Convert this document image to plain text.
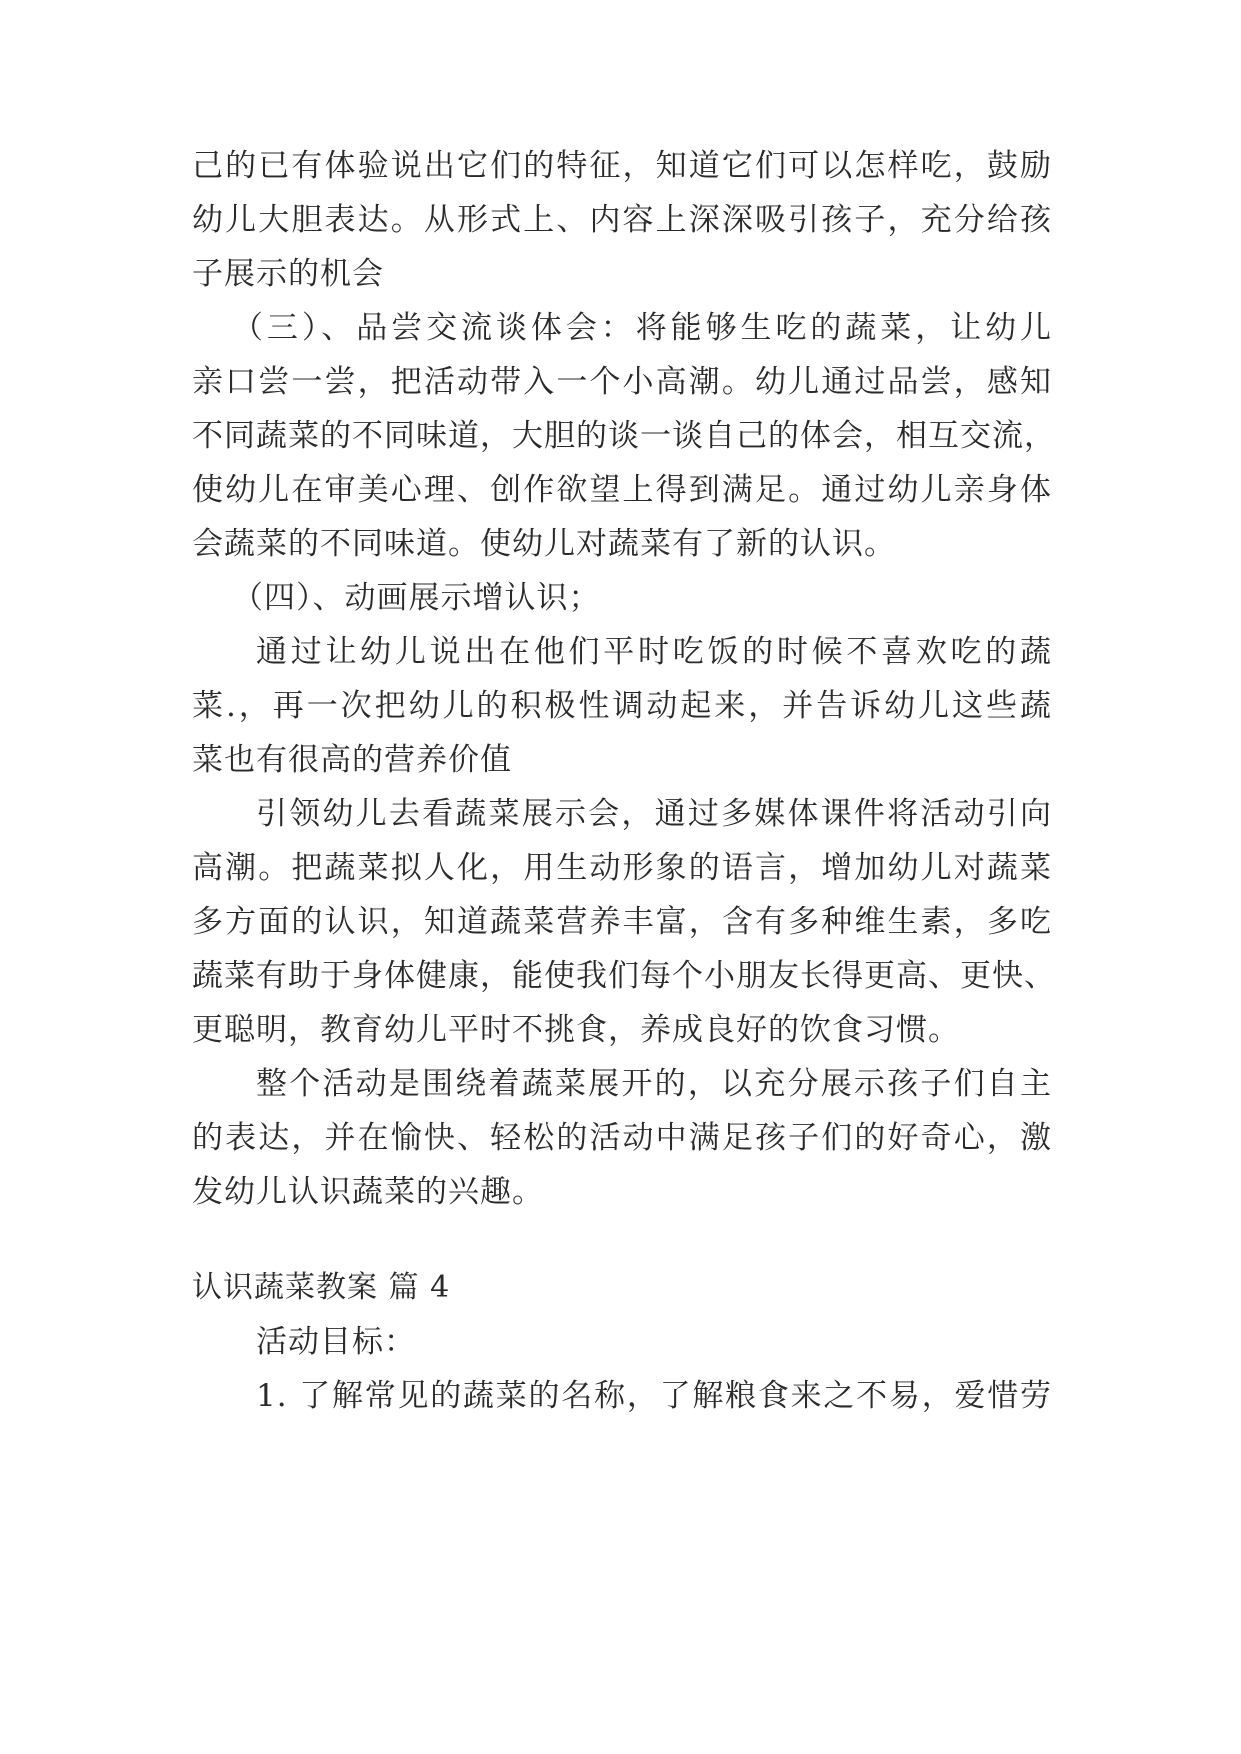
己的已有体验说出它们的特征，知道它们可以怎样吃，鼓励
幼儿大胆表达。从形式上、内容上深深吸引孩子，充分给孩
子展示的机会
（三）、品尝交流谈体会：将能够生吃的蔬菜，让幼儿
亲口尝一尝，把活动带入一个小高潮。幼儿通过品尝，感知
不同蔬菜的不同味道，大胆的谈一谈自己的体会，相互交流，
使幼儿在审美心理、创作欲望上得到满足。通过幼儿亲身体
会蔬菜的不同味道。使幼儿对蔬菜有了新的认识。
（四）、动画展示增认识；
通过让幼儿说出在他们平时吃饭的时候不喜欢吃的蔬
菜.，再一次把幼儿的积极性调动起来，并告诉幼儿这些蔬
菜也有很高的营养价值
引领幼儿去看蔬菜展示会，通过多媒体课件将活动引向
高潮。把蔬菜拟人化，用生动形象的语言，增加幼儿对蔬菜
多方面的认识，知道蔬菜营养丰富，含有多种维生素，多吃
蔬菜有助于身体健康，能使我们每个小朋友长得更高、更快、
更聪明，教育幼儿平时不挑食，养成良好的饮食习惯。
整个活动是围绕着蔬菜展开的，以充分展示孩子们自主
的表达，并在愉快、轻松的活动中满足孩子们的好奇心，激
发幼儿认识蔬菜的兴趣。
认识蔬菜教案 篇 4
活动目标：
1. 了解常见的蔬菜的名称，了解粮食来之不易，爱惜劳
